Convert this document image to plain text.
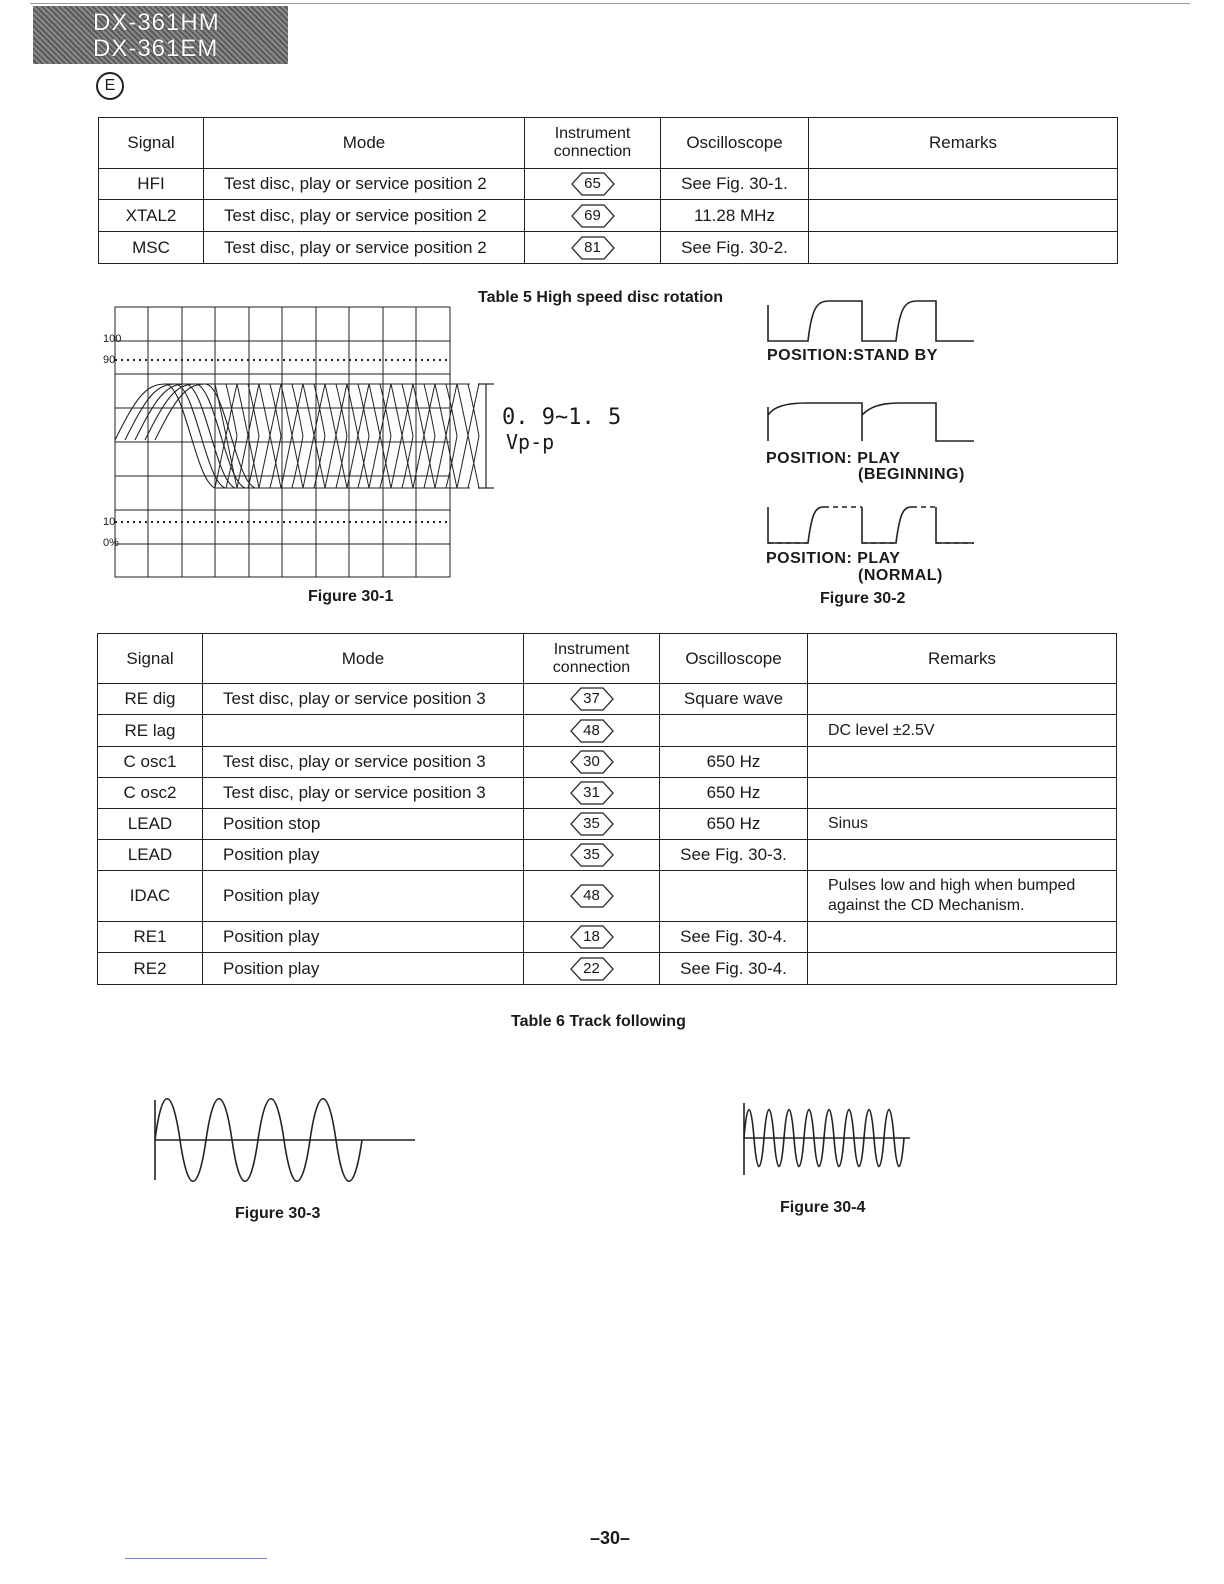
DX-361HM
DX-361EM
E
Signal	Mode	Instrument connection	Oscilloscope	Remarks
HFI	Test disc, play or service position 2	65	See Fig. 30-1.	
XTAL2	Test disc, play or service position 2	69	11.28 MHz	
MSC	Test disc, play or service position 2	81	See Fig. 30-2.	
Table 5 High speed disc rotation
100
90
10
0%
0. 9~1. 5
Vp-p
Figure 30-1
POSITION:STAND BY
POSITION: PLAY
(BEGINNING)
POSITION: PLAY
(NORMAL)
Figure 30-2
Signal	Mode	Instrument connection	Oscilloscope	Remarks
RE dig	Test disc, play or service position 3	37	Square wave	
RE lag		48		DC level ±2.5V
C osc1	Test disc, play or service position 3	30	650 Hz	
C osc2	Test disc, play or service position 3	31	650 Hz	
LEAD	Position stop	35	650 Hz	Sinus
LEAD	Position play	35	See Fig. 30-3.	
IDAC	Position play	48		Pulses low and high when bumped against the CD Mechanism.
RE1	Position play	18	See Fig. 30-4.	
RE2	Position play	22	See Fig. 30-4.	
Table 6 Track following
Figure 30-3	Figure 30-4
–30–
